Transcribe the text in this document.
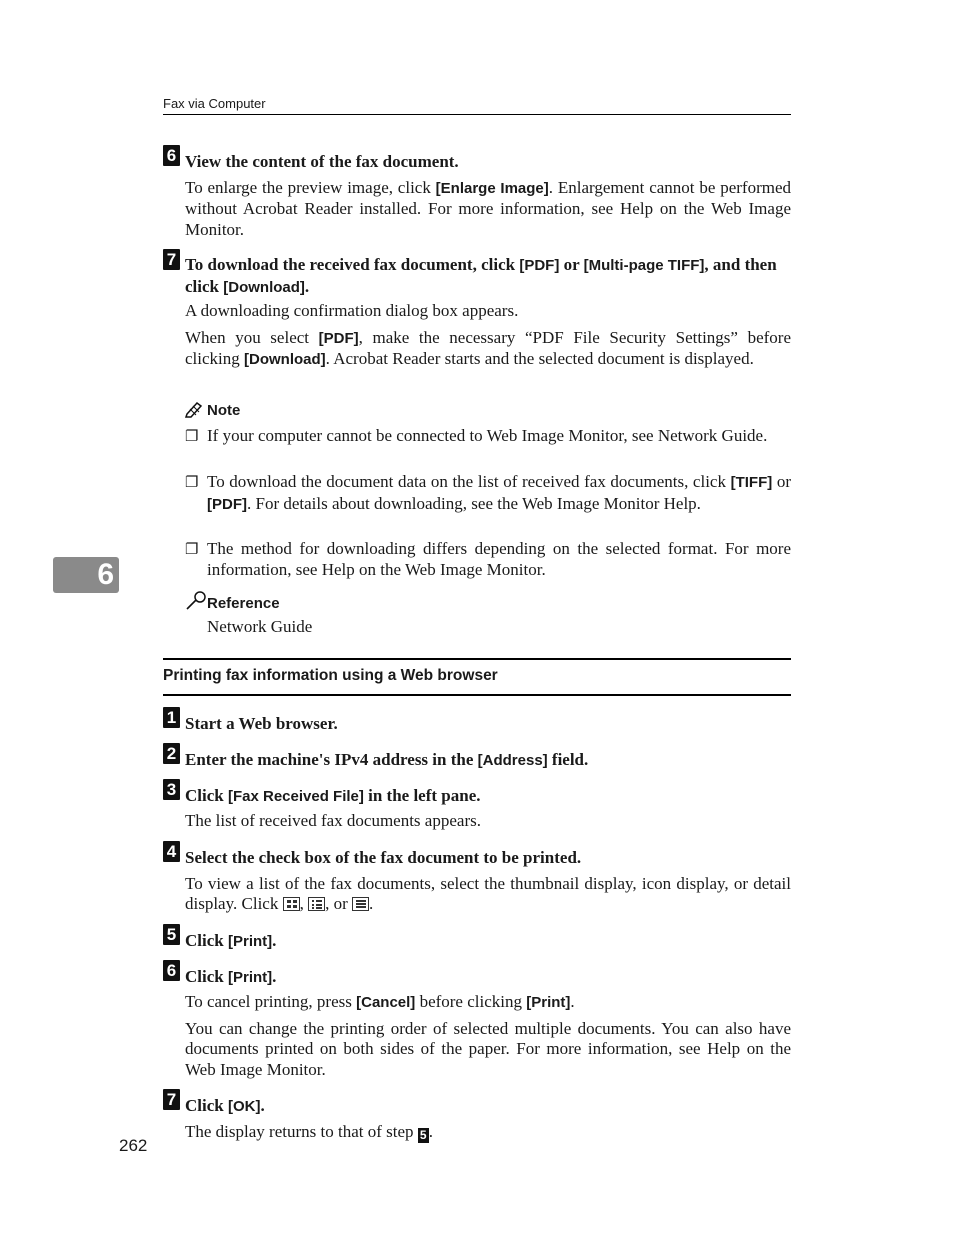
Fax via Computer
6 View the content of the fax document.
To enlarge the preview image, click [Enlarge Image]. Enlargement cannot be performed without Acrobat Reader installed. For more information, see Help on the Web Image Monitor.
7 To download the received fax document, click [PDF] or [Multi-page TIFF], and then click [Download].
A downloading confirmation dialog box appears.
When you select [PDF], make the necessary “PDF File Security Settings” before clicking [Download]. Acrobat Reader starts and the selected document is displayed.
Note
❐ If your computer cannot be connected to Web Image Monitor, see Network Guide.
❐ To download the document data on the list of received fax documents, click [TIFF] or [PDF]. For details about downloading, see the Web Image Monitor Help.
❐ The method for downloading differs depending on the selected format. For more information, see Help on the Web Image Monitor.
6
Reference
Network Guide
Printing fax information using a Web browser
1 Start a Web browser.
2 Enter the machine's IPv4 address in the [Address] field.
3 Click [Fax Received File] in the left pane.
The list of received fax documents appears.
4 Select the check box of the fax document to be printed.
To view a list of the fax documents, select the thumbnail display, icon display, or detail display. Click
,
, or
.
5 Click [Print].
6 Click [Print].
To cancel printing, press [Cancel] before clicking [Print].
You can change the printing order of selected multiple documents. You can also have documents printed on both sides of the paper. For more information, see Help on the Web Image Monitor.
7 Click [OK].
The display returns to that of step 5 .
262
